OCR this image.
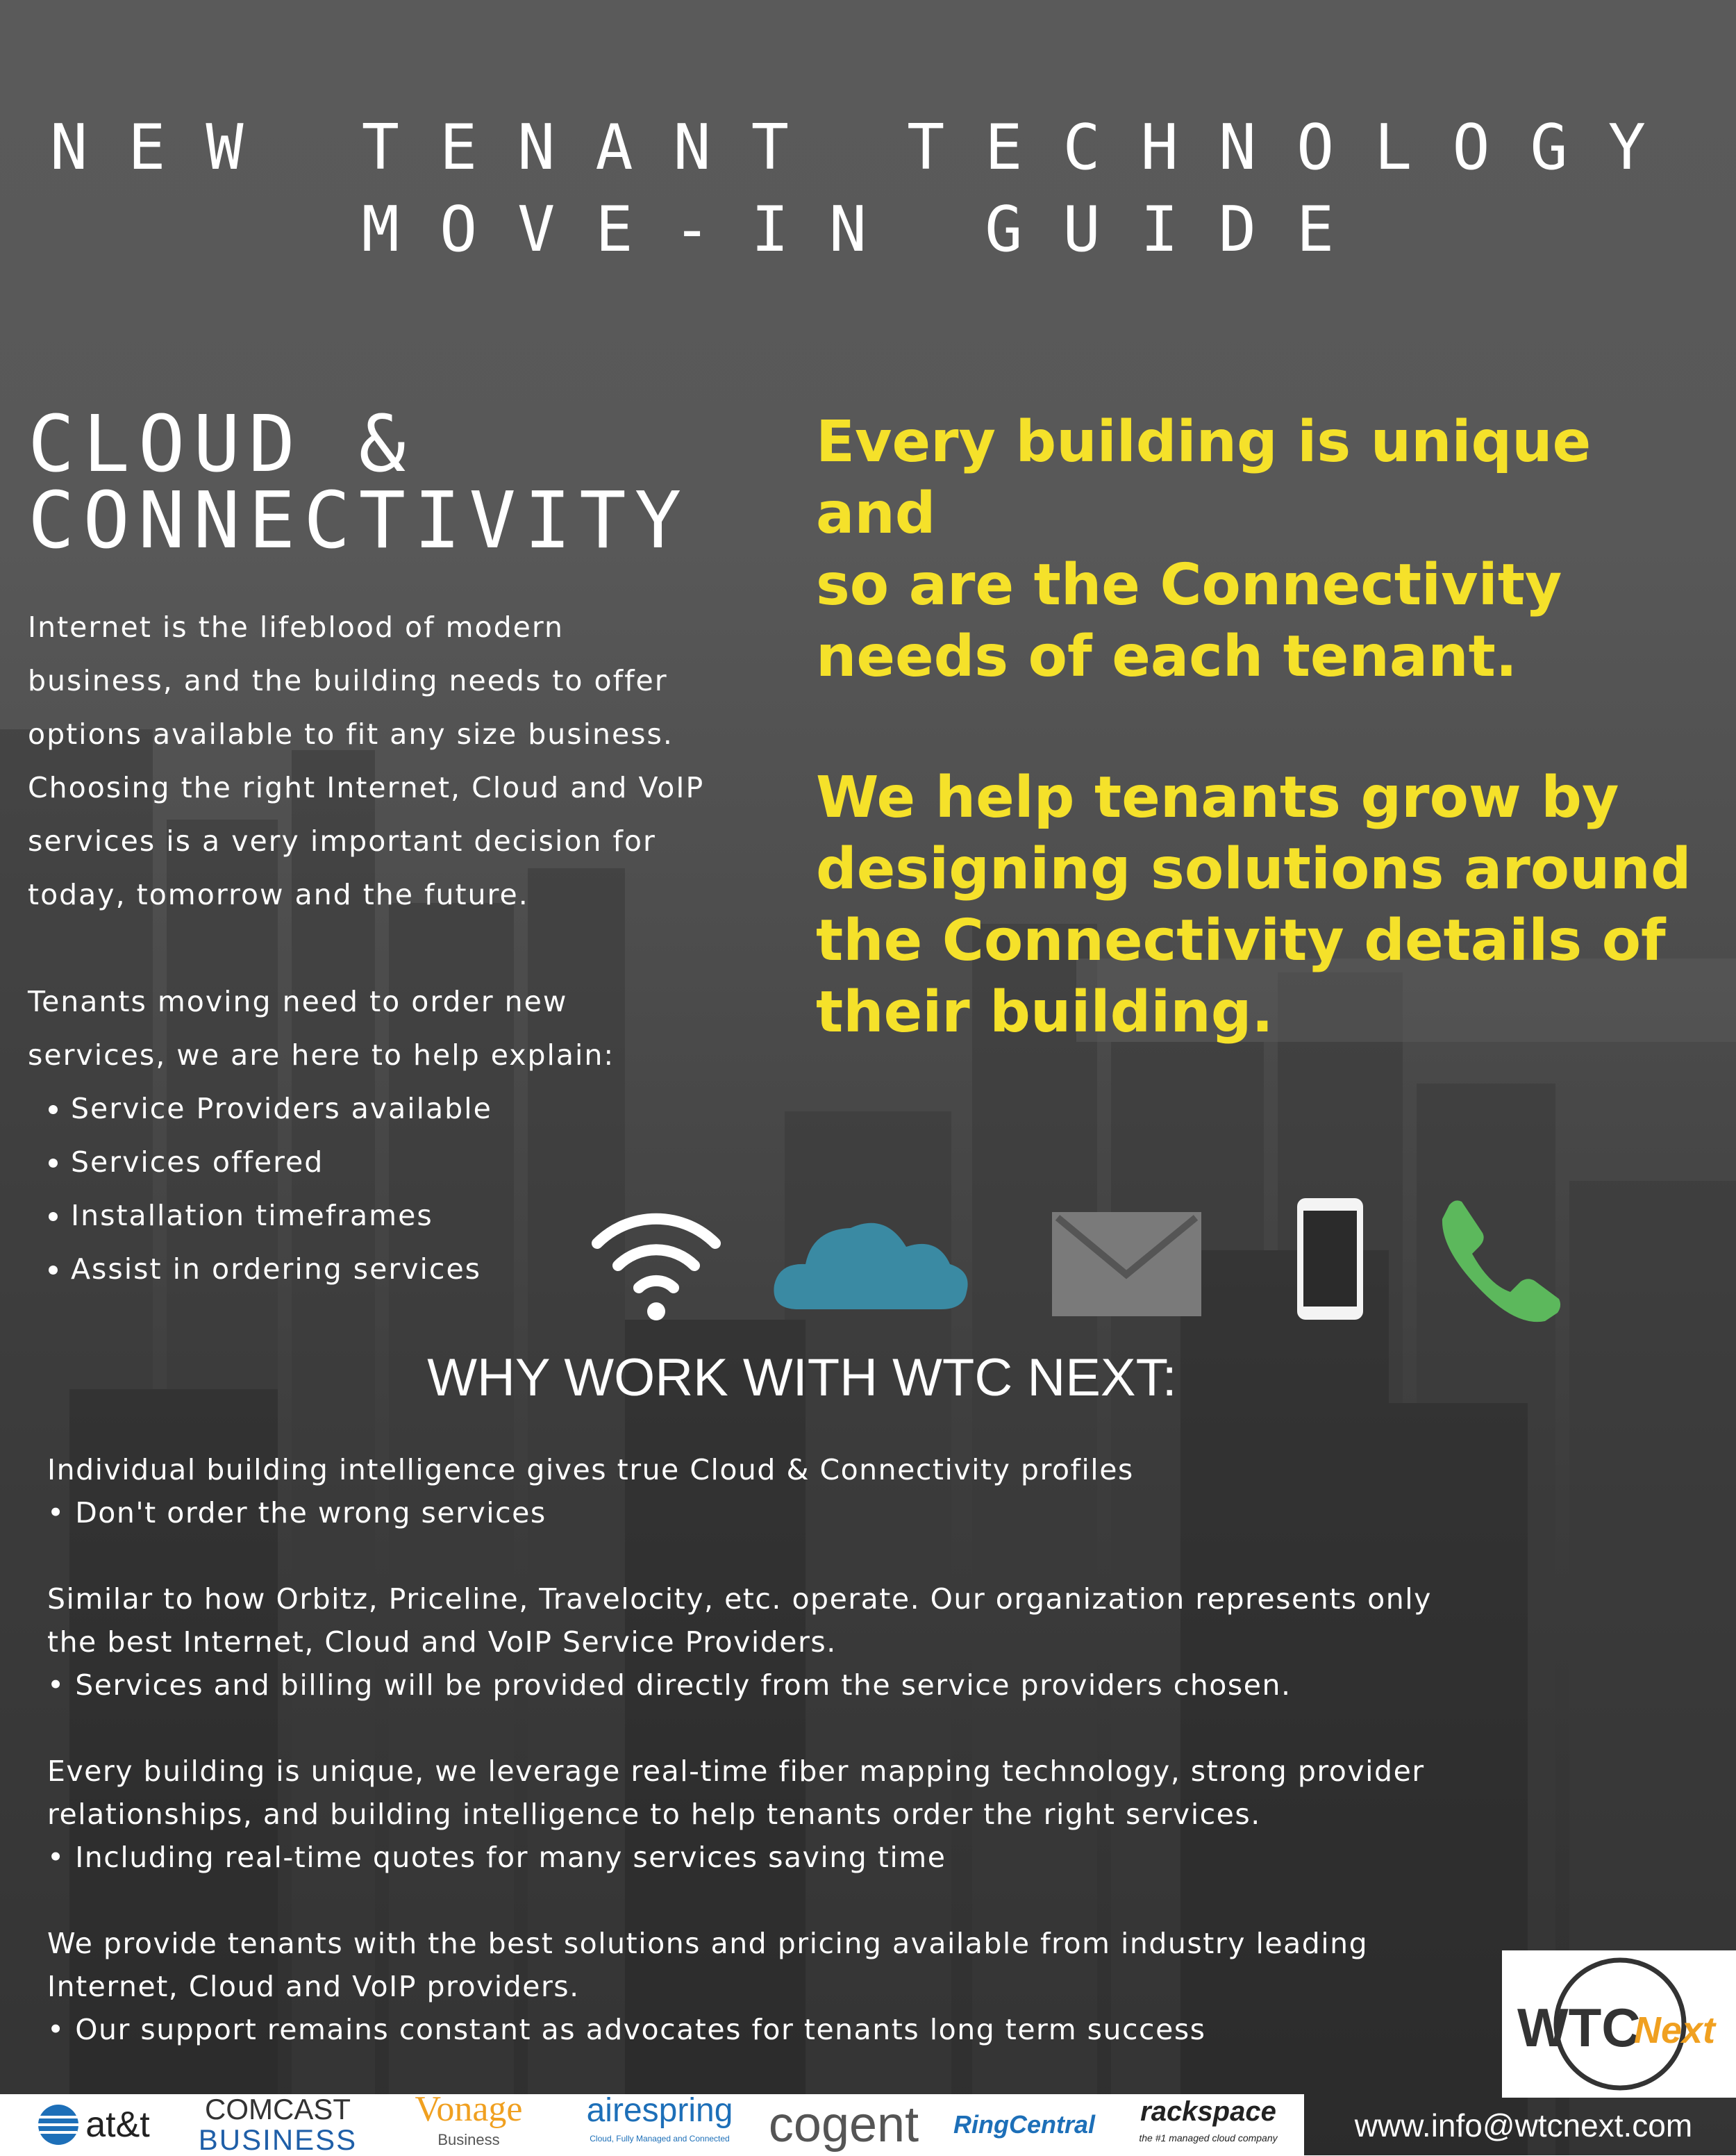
NEW TENANT TECHNOLOGY
MOVE-IN GUIDE
CLOUD &
CONNECTIVITY

Internet is the lifeblood of modern

business, and the building needs to offer

options available to fit any size business.

Choosing the right Internet, Cloud and VoIP

services is a very important decision for

today, tomorrow and the future.

Tenants moving need to order new

services, we are here to help explain:

• Service Providers available
• Services offered
• Installation timeframes
• Assist in ordering services

Every building is unique and

so are the Connectivity

needs of each tenant.

We help tenants grow by

designing solutions around

the Connectivity details of

their building.

WHY WORK WITH WTC NEXT:
Individual building intelligence gives true Cloud & Connectivity profiles
• Don't order the wrong services
Similar to how Orbitz, Priceline, Travelocity, etc. operate. Our organization represents only
the best Internet, Cloud and VoIP Service Providers.
• Services and billing will be provided directly from the service providers chosen.
Every building is unique, we leverage real-time fiber mapping technology, strong provider
relationships, and building intelligence to help tenants order the right services.
• Including real-time quotes for many services saving time
We provide tenants with the best solutions and pricing available from industry leading
Internet, Cloud and VoIP providers.
• Our support remains constant as advocates for tenants long term success	WTC
Next
at&t COMCAST
BUSINESS
Vonage
Business
airespring
Cloud, Fully Managed and Connected cogent RingCentral rackspace
the #1 managed cloud company	www.info@wtcnext.com
